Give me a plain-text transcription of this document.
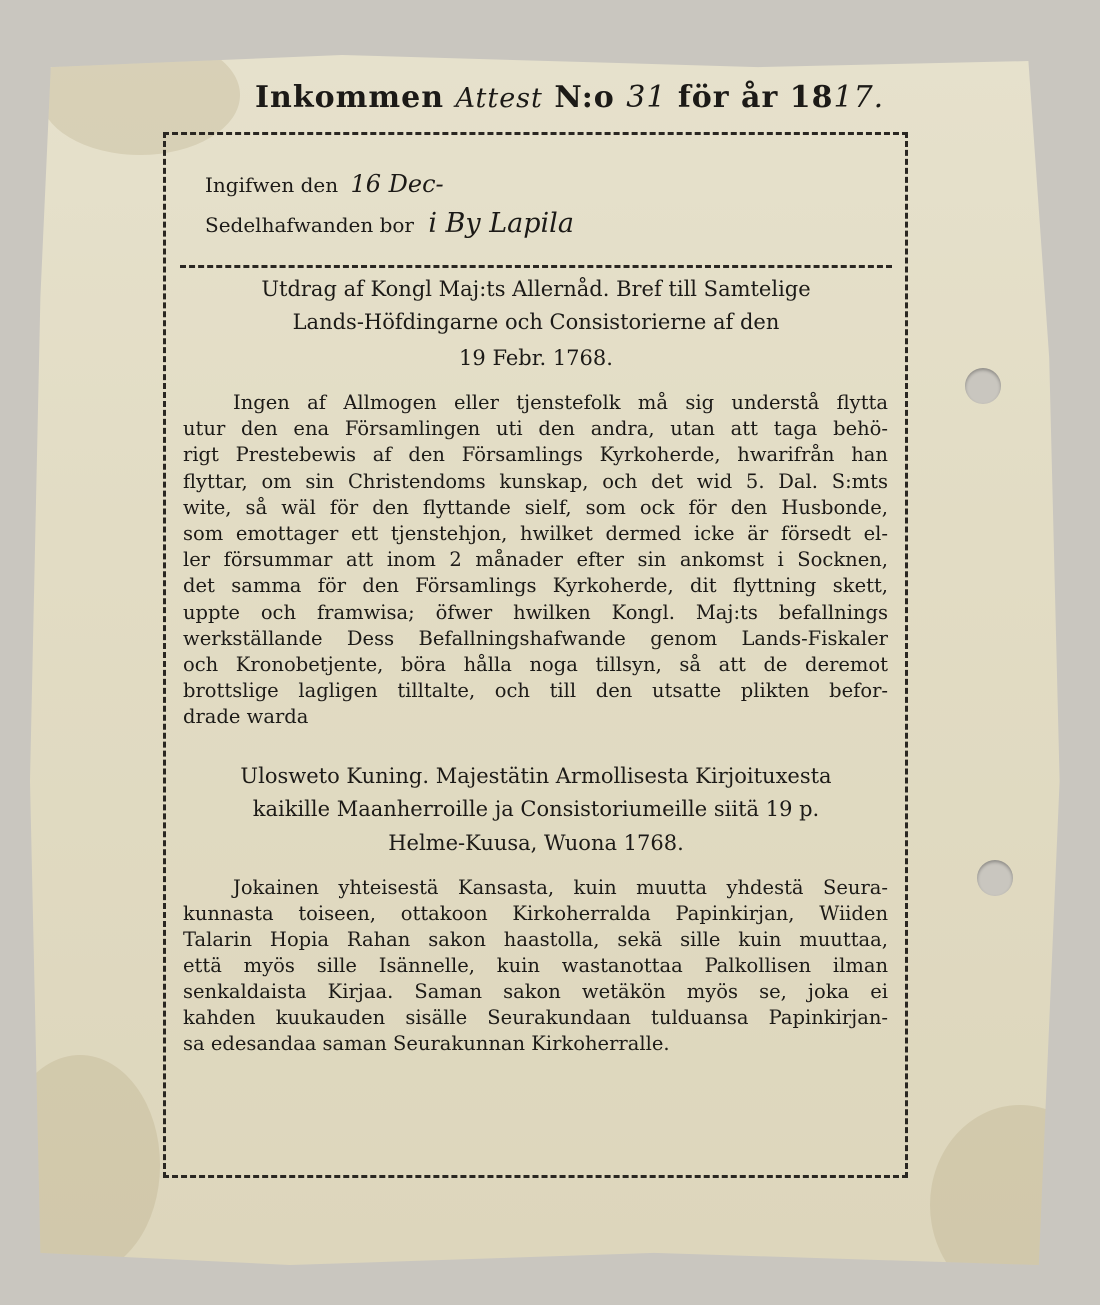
Inkommen Attest N:o 31 för år 1817.
Ingifwen den 16 Dec-
Sedelhafwanden bor i By Lapila
Utdrag af Kongl Maj:ts Allernåd. Bref till Samtelige
Lands-Höfdingarne och Consistorierne af den
19 Febr. 1768.
Ingen af Allmogen eller tjenstefolk må sig understå flytta
utur den ena Församlingen uti den andra, utan att taga behö-
rigt Prestebewis af den Församlings Kyrkoherde, hwarifrån han
flyttar, om sin Christendoms kunskap, och det wid 5. Dal. S:mts
wite, så wäl för den flyttande sielf, som ock för den Husbonde,
som emottager ett tjenstehjon, hwilket dermed icke är försedt el-
ler försummar att inom 2 månader efter sin ankomst i Socknen,
det samma för den Församlings Kyrkoherde, dit flyttning skett,
uppte och framwisa; öfwer hwilken Kongl. Maj:ts befallnings
werkställande Dess Befallningshafwande genom Lands-Fiskaler
och Kronobetjente, böra hålla noga tillsyn, så att de deremot
brottslige lagligen tilltalte, och till den utsatte plikten befor-
drade warda
Ulosweto Kuning. Majestätin Armollisesta Kirjoituxesta
kaikille Maanherroille ja Consistoriumeille siitä 19 p.
Helme-Kuusa, Wuona 1768.
Jokainen yhteisestä Kansasta, kuin muutta yhdestä Seura-
kunnasta toiseen, ottakoon Kirkoherralda Papinkirjan, Wiiden
Talarin Hopia Rahan sakon haastolla, sekä sille kuin muuttaa,
että myös sille Isännelle, kuin wastanottaa Palkollisen ilman
senkaldaista Kirjaa. Saman sakon wetäkön myös se, joka ei
kahden kuukauden sisälle Seurakundaan tulduansa Papinkirjan-
sa edesandaa saman Seurakunnan Kirkoherralle.
